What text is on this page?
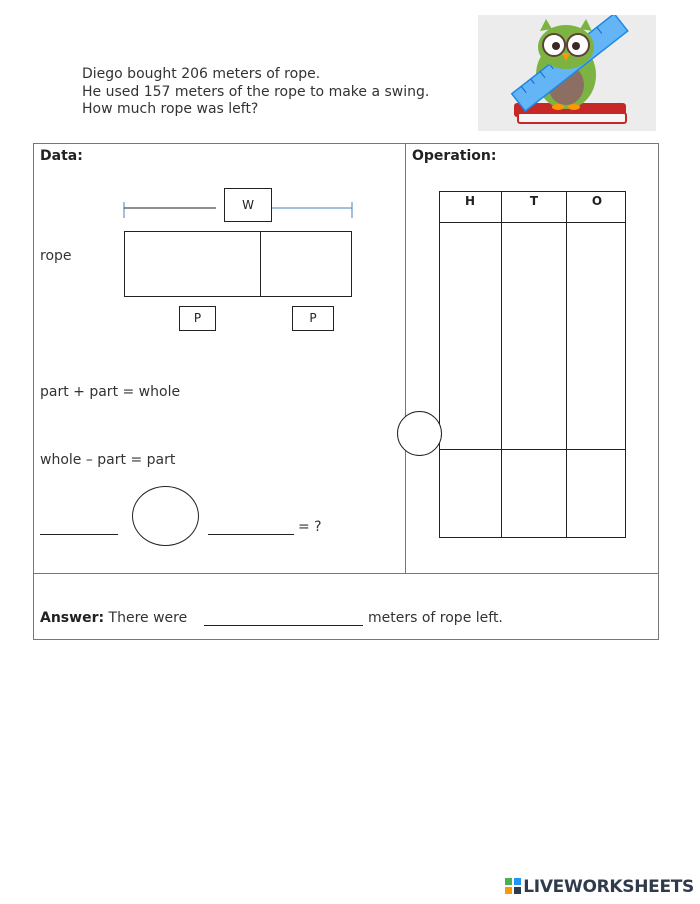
Diego bought 206 meters of rope.
He used 157 meters of the rope to make a swing.
How much rope was left?
Data:
W
rope
P	P
part + part = whole
whole – part = part
= ?
Operation:
H	T	O
Answer: There were	meters of rope left.
LIVEWORKSHEETS
